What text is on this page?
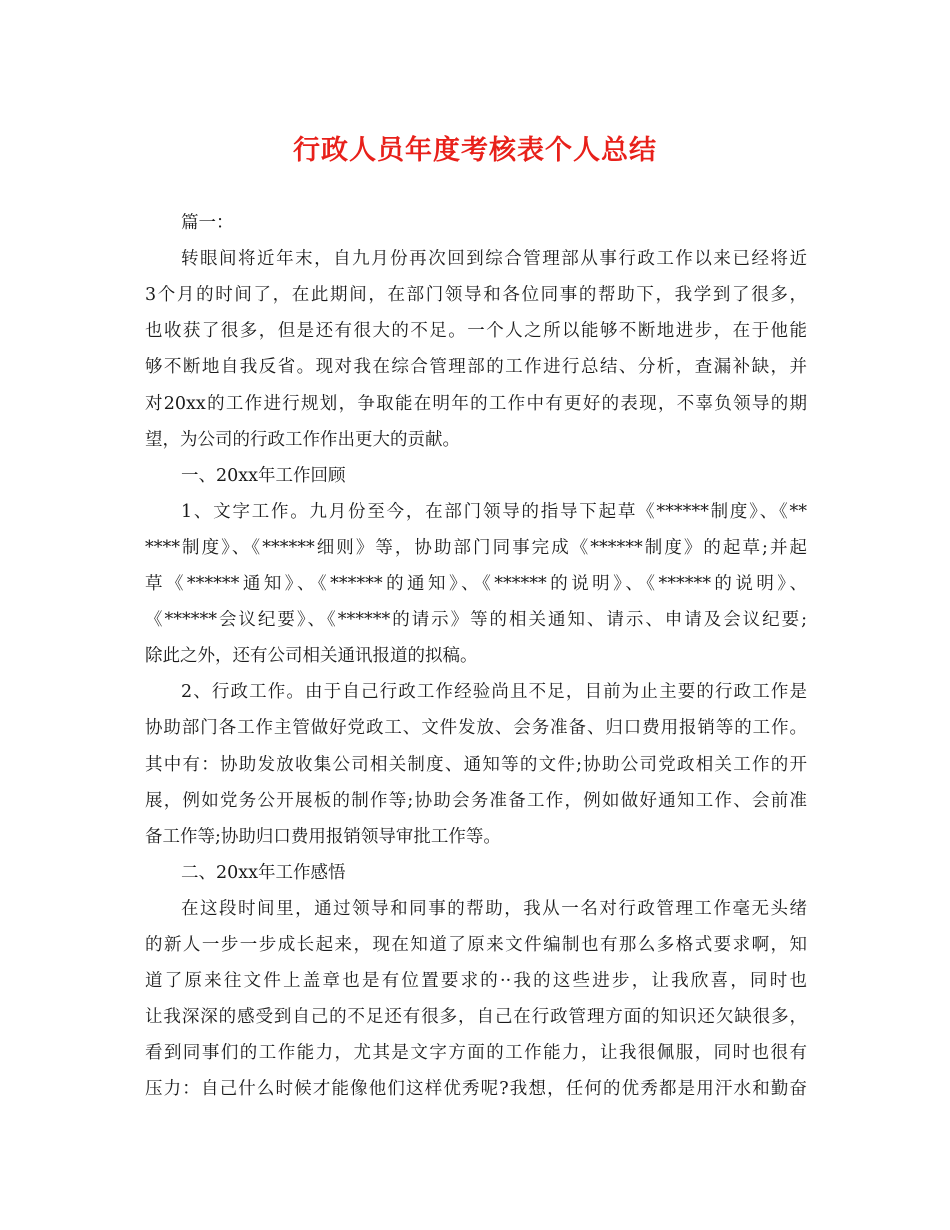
行政人员年度考核表个人总结
篇一：
转眼间将近年末，自九月份再次回到综合管理部从事行政工作以来已经将近
3个月的时间了，在此期间，在部门领导和各位同事的帮助下，我学到了很多，
也收获了很多，但是还有很大的不足。一个人之所以能够不断地进步，在于他能
够不断地自我反省。现对我在综合管理部的工作进行总结、分析，查漏补缺，并
对20xx的工作进行规划，争取能在明年的工作中有更好的表现，不辜负领导的期
望，为公司的行政工作作出更大的贡献。
一、20xx年工作回顾
1、文字工作。九月份至今，在部门领导的指导下起草《******制度》、《**
****制度》、《******细则》等，协助部门同事完成《******制度》的起草;并起
草《******通知》、《******的通知》、《******的说明》、《******的说明》、
《******会议纪要》、《******的请示》等的相关通知、请示、申请及会议纪要;
除此之外，还有公司相关通讯报道的拟稿。
2、行政工作。由于自己行政工作经验尚且不足，目前为止主要的行政工作是
协助部门各工作主管做好党政工、文件发放、会务准备、归口费用报销等的工作。
其中有：协助发放收集公司相关制度、通知等的文件;协助公司党政相关工作的开
展，例如党务公开展板的制作等;协助会务准备工作，例如做好通知工作、会前准
备工作等;协助归口费用报销领导审批工作等。
二、20xx年工作感悟
在这段时间里，通过领导和同事的帮助，我从一名对行政管理工作毫无头绪
的新人一步一步成长起来，现在知道了原来文件编制也有那么多格式要求啊，知
道了原来往文件上盖章也是有位置要求的··我的这些进步，让我欣喜，同时也
让我深深的感受到自己的不足还有很多，自己在行政管理方面的知识还欠缺很多，
看到同事们的工作能力，尤其是文字方面的工作能力，让我很佩服，同时也很有
压力：自己什么时候才能像他们这样优秀呢?我想，任何的优秀都是用汗水和勤奋
